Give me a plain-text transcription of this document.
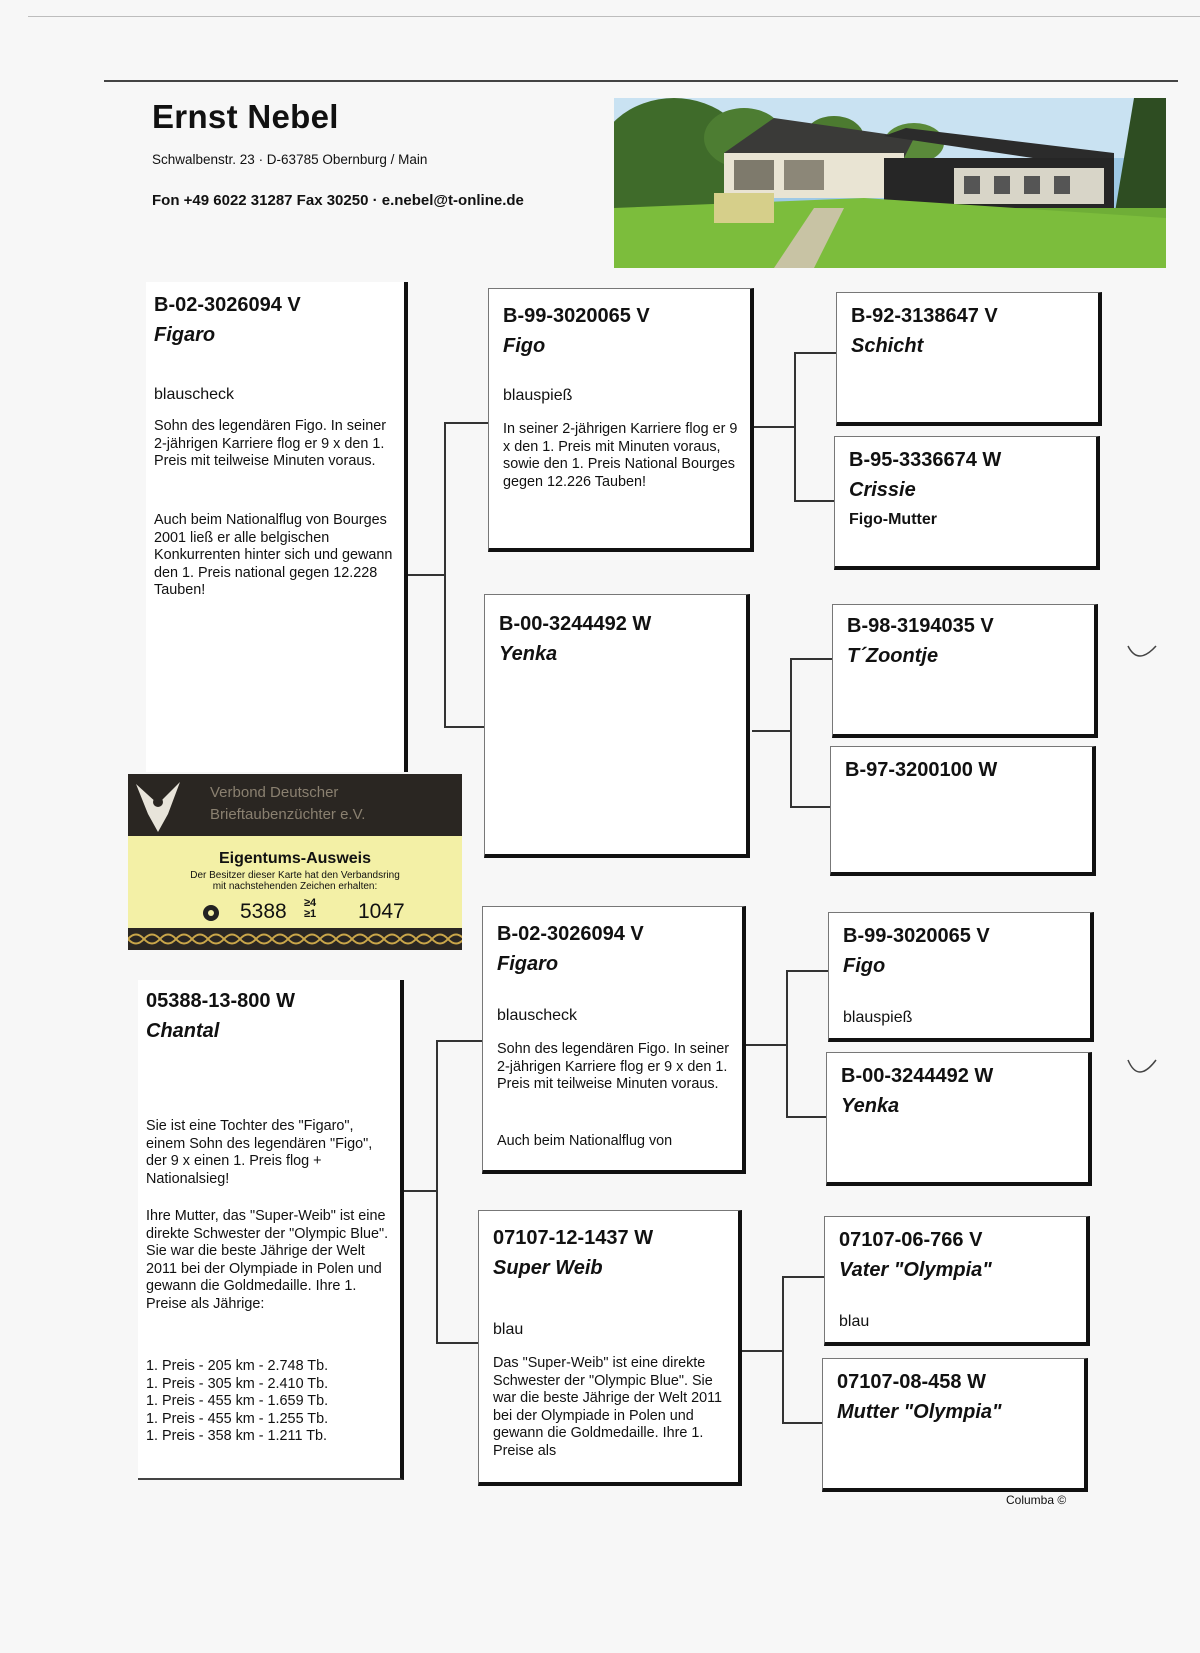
Ernst Nebel
Schwalbenstr. 23 · D-63785 Obernburg / Main
Fon +49 6022 31287 Fax 30250 · e.nebel@t-online.de
B-02-3026094 V
Figaro
blauscheck
Sohn des legendären Figo. In seiner 2-jährigen Karriere flog er 9 x den 1. Preis mit teilweise Minuten voraus.
Auch beim Nationalflug von Bourges 2001 ließ er alle belgischen Konkurrenten hinter sich und gewann den 1. Preis national gegen 12.228 Tauben!
B-99-3020065 V
Figo
blauspieß
In seiner 2-jährigen Karriere flog er 9 x den 1. Preis mit Minuten voraus, sowie den 1. Preis National Bourges gegen 12.226 Tauben!
B-00-3244492 W
Yenka
B-92-3138647 V
Schicht
B-95-3336674 W
Crissie
Figo-Mutter
B-98-3194035 V
T´Zoontje
B-97-3200100 W
Verbond Deutscher
Brieftaubenzüchter e.V.
Eigentums-Ausweis
Der Besitzer dieser Karte hat den Verbandsring
mit nachstehenden Zeichen erhalten:
5388 ≥4
≥1 1047
05388-13-800 W
Chantal
Sie ist eine Tochter des "Figaro", einem Sohn des legendären "Figo", der 9 x einen 1. Preis flog + Nationalsieg!
Ihre Mutter, das "Super-Weib" ist eine direkte Schwester der "Olympic Blue". Sie war die beste Jährige der Welt 2011 bei der Olympiade in Polen und gewann die Goldmedaille. Ihre 1. Preise als Jährige:
1. Preis - 205 km - 2.748 Tb.
1. Preis - 305 km - 2.410 Tb.
1. Preis - 455 km - 1.659 Tb.
1. Preis - 455 km - 1.255 Tb.
1. Preis - 358 km - 1.211 Tb.
B-02-3026094 V
Figaro
blauscheck
Sohn des legendären Figo. In seiner 2-jährigen Karriere flog er 9 x den 1. Preis mit teilweise Minuten voraus.
Auch beim Nationalflug von
07107-12-1437 W
Super Weib
blau
Das "Super-Weib" ist eine direkte Schwester der "Olympic Blue". Sie war die beste Jährige der Welt 2011 bei der Olympiade in Polen und gewann die Goldmedaille. Ihre 1. Preise als
B-99-3020065 V
Figo
blauspieß
B-00-3244492 W
Yenka
07107-06-766 V
Vater "Olympia"
blau
07107-08-458 W
Mutter "Olympia"
Columba ©
